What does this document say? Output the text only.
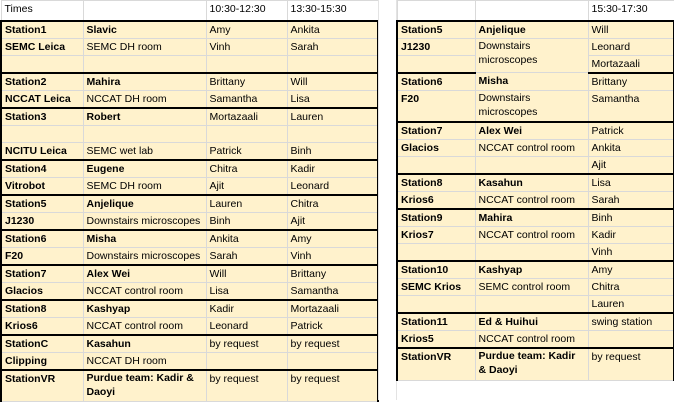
Times		10:30-12:30	13:30-15:30
Station1	Slavic	Amy	Ankita
SEMC Leica	SEMC DH room	Vinh	Sarah

Station2	Mahira	Brittany	Will
NCCAT Leica	NCCAT DH room	Samantha	Lisa
Station3	Robert	Mortazaali	Lauren

NCITU Leica	SEMC wet lab	Patrick	Binh
Station4	Eugene	Chitra	Kadir
Vitrobot	SEMC DH room	Ajit	Leonard
Station5	Anjelique	Lauren	Chitra
J1230	Downstairs microscopes	Binh	Ajit
Station6	Misha	Ankita	Amy
F20	Downstairs microscopes	Sarah	Vinh
Station7	Alex Wei	Will	Brittany
Glacios	NCCAT control room	Lisa	Samantha
Station8	Kashyap	Kadir	Mortazaali
Krios6	NCCAT control room	Leonard	Patrick
StationC	Kasahun	by request	by request
Clipping	NCCAT DH room		
StationVR	Purdue team: Kadir & Daoyi	by request	by request
		15:30-17:30
Station5	Anjelique	Will
J1230	Downstairs microscopes	Leonard
		Mortazaali
Station6	Misha	Brittany
F20	Downstairs microscopes	Samantha
Station7	Alex Wei	Patrick
Glacios	NCCAT control room	Ankita
		Ajit
Station8	Kasahun	Lisa
Krios6	NCCAT control room	Sarah
Station9	Mahira	Binh
Krios7	NCCAT control room	Kadir
		Vinh
Station10	Kashyap	Amy
SEMC Krios	SEMC control room	Chitra
		Lauren
Station11	Ed & Huihui	swing station
Krios5	NCCAT control room	
StationVR	Purdue team: Kadir & Daoyi	by request
